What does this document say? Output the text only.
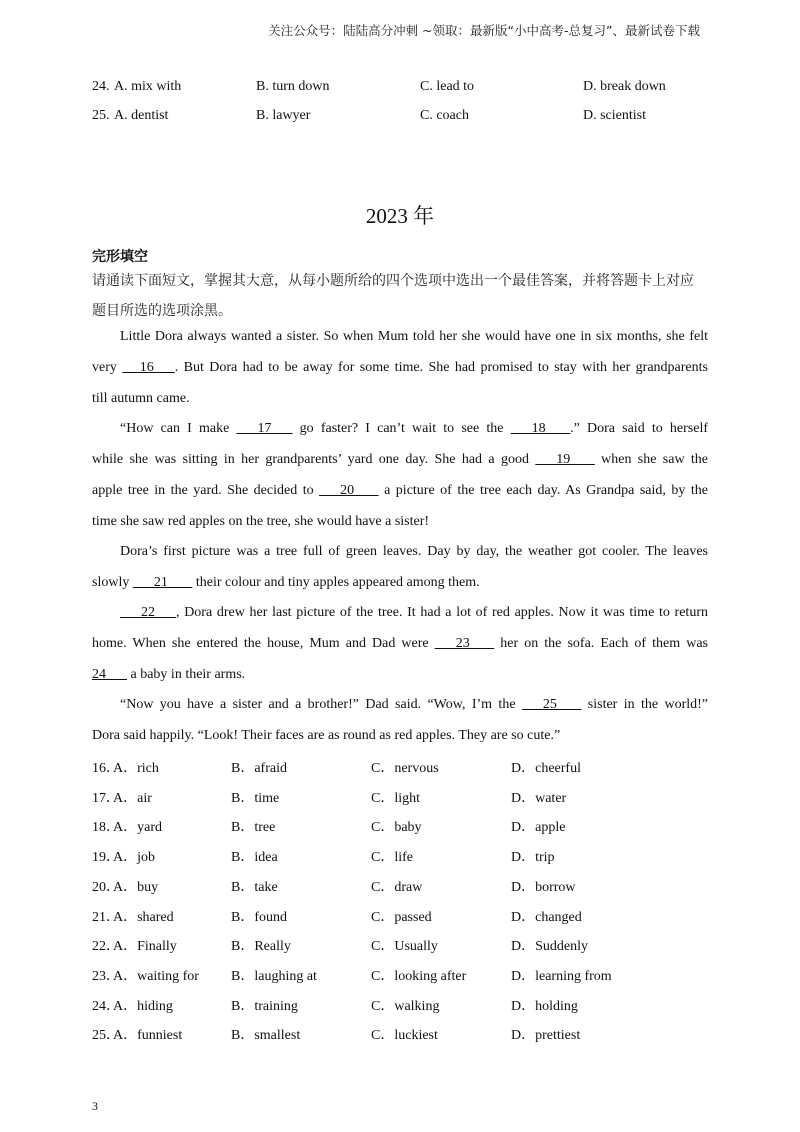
关注公众号：陆陆高分冲刺 ~领取：最新版“小中高考-总复习”、最新试卷下载
24. A. mix with	B. turn down	C. lead to	D. break down
25. A. dentist	B. lawyer	C. coach	D. scientist
2023 年
完形填空
请通读下面短文，掌握其大意，从每小题所给的四个选项中选出一个最佳答案，并将答题卡上对应
题目所选的选项涂黑。
Little Dora always wanted a sister. So when Mum told her she would have one in six months, she felt
very      16      . But Dora had to be away for some time. She had promised to stay with her grandparents
till autumn came.
“How can I make       17       go faster? I can’t wait to see the       18       .” Dora said to herself
while she was sitting in her grandparents’ yard one day. She had a good       19        when she saw the
apple tree in the yard. She decided to       20        a picture of the tree each day. As Grandpa said, by the
time she saw red apples on the tree, she would have a sister!
Dora’s first picture was a tree full of green leaves. Day by day, the weather got cooler. The leaves
slowly       21        their colour and tiny apples appeared among them.
22      , Dora drew her last picture of the tree. It had a lot of red apples. Now it was time to return
home. When she entered the house, Mum and Dad were       23        her on the sofa. Each of them was
24       a baby in their arms.
“Now you have a sister and a brother!” Dad said. “Wow, I’m the       25        sister in the world!”
Dora said happily. “Look! Their faces are as round as red apples. They are so cute.”
16．
A．rich	B．afraid	C．nervous	D．cheerful
17．
A．air	B．time	C．light	D．water
18．
A．yard	B．tree	C．baby	D．apple
19．
A．job	B．idea	C．life	D．trip
20．
A．buy	B．take	C．draw	D．borrow
21．
A．shared	B．found	C．passed	D．changed
22．
A．Finally	B．Really	C．Usually	D．Suddenly
23．
A．waiting for B．laughing at	C．looking after	D．learning from
24．
A．hiding	B．training	C．walking	D．holding
25．
A．funniest	B．smallest	C．luckiest	D．prettiest
3
